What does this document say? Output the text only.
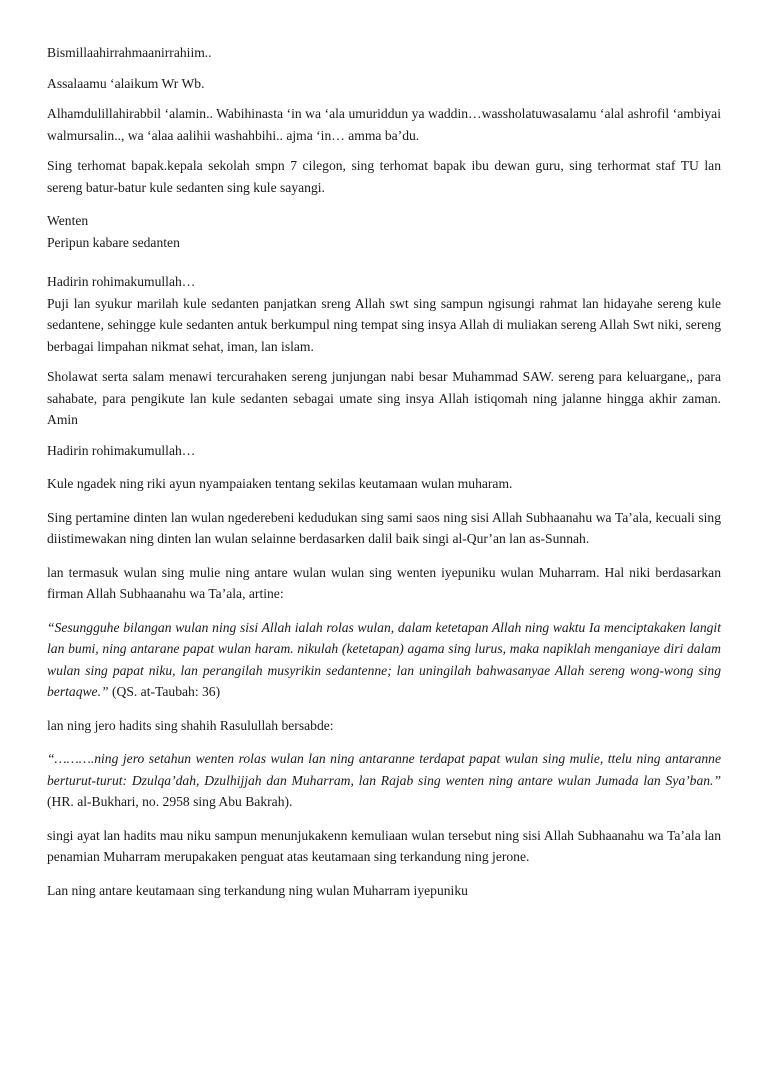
Bismillaahirrahmaanirrahiim..

Assalaamu ‘alaikum Wr Wb.

Alhamdulillahirabbil ‘alamin.. Wabihinasta ‘in wa ‘ala umuriddun ya waddin…wassholatuwasalamu ‘alal ashrofil ‘ambiyai walmursalin.., wa ‘alaa aalihii washahbihi.. ajma ‘in… amma ba’du.

Sing terhomat bapak.kepala sekolah smpn 7 cilegon, sing terhomat bapak ibu dewan guru, sing terhormat staf TU lan sereng batur-batur kule sedanten sing kule sayangi.

Wenten

Peripun kabare sedanten

Hadirin rohimakumullah…

Puji lan syukur marilah kule sedanten panjatkan sreng Allah swt sing sampun ngisungi rahmat lan hidayahe sereng kule sedantene, sehingge kule sedanten antuk berkumpul ning tempat sing insya Allah di muliakan sereng Allah Swt niki, sereng berbagai limpahan nikmat sehat, iman, lan islam.

Sholawat serta salam menawi tercurahaken sereng junjungan nabi besar Muhammad SAW. sereng para keluargane,, para sahabate, para pengikute lan kule sedanten sebagai umate sing insya Allah istiqomah ning jalanne hingga akhir zaman. Amin

Hadirin rohimakumullah…

Kule ngadek ning riki ayun nyampaiaken tentang sekilas keutamaan wulan muharam.

Sing pertamine dinten lan wulan ngederebeni kedudukan sing sami saos ning sisi Allah Subhaanahu wa Ta’ala, kecuali sing diistimewakan ning dinten lan wulan selainne berdasarken dalil baik singi al-Qur’an lan as-Sunnah.

lan termasuk wulan sing mulie ning antare wulan wulan sing wenten iyepuniku wulan Muharram. Hal niki berdasarkan firman Allah Subhaanahu wa Ta’ala, artine:

“Sesungguhe bilangan wulan ning sisi Allah ialah rolas wulan, dalam ketetapan Allah ning waktu Ia menciptakaken langit lan bumi, ning antarane papat wulan haram. nikulah (ketetapan) agama sing lurus, maka napiklah menganiaye diri dalam wulan sing papat niku, lan perangilah musyrikin sedantenne; lan uningilah bahwasanyae Allah sereng wong-wong sing bertaqwe.” (QS. at-Taubah: 36)

lan ning jero hadits sing shahih Rasulullah bersabde:

“……….ning jero setahun wenten rolas wulan lan ning antaranne terdapat papat wulan sing mulie, ttelu ning antaranne berturut-turut: Dzulqa’dah, Dzulhijjah dan Muharram, lan Rajab sing wenten ning antare wulan Jumada lan Sya’ban.” (HR. al-Bukhari, no. 2958 sing Abu Bakrah).

singi ayat lan hadits mau niku sampun menunjukakenn kemuliaan wulan tersebut ning sisi Allah Subhaanahu wa Ta’ala lan penamian Muharram merupakaken penguat atas keutamaan sing terkandung ning jerone.

Lan ning antare keutamaan sing terkandung ning wulan Muharram iyepuniku
